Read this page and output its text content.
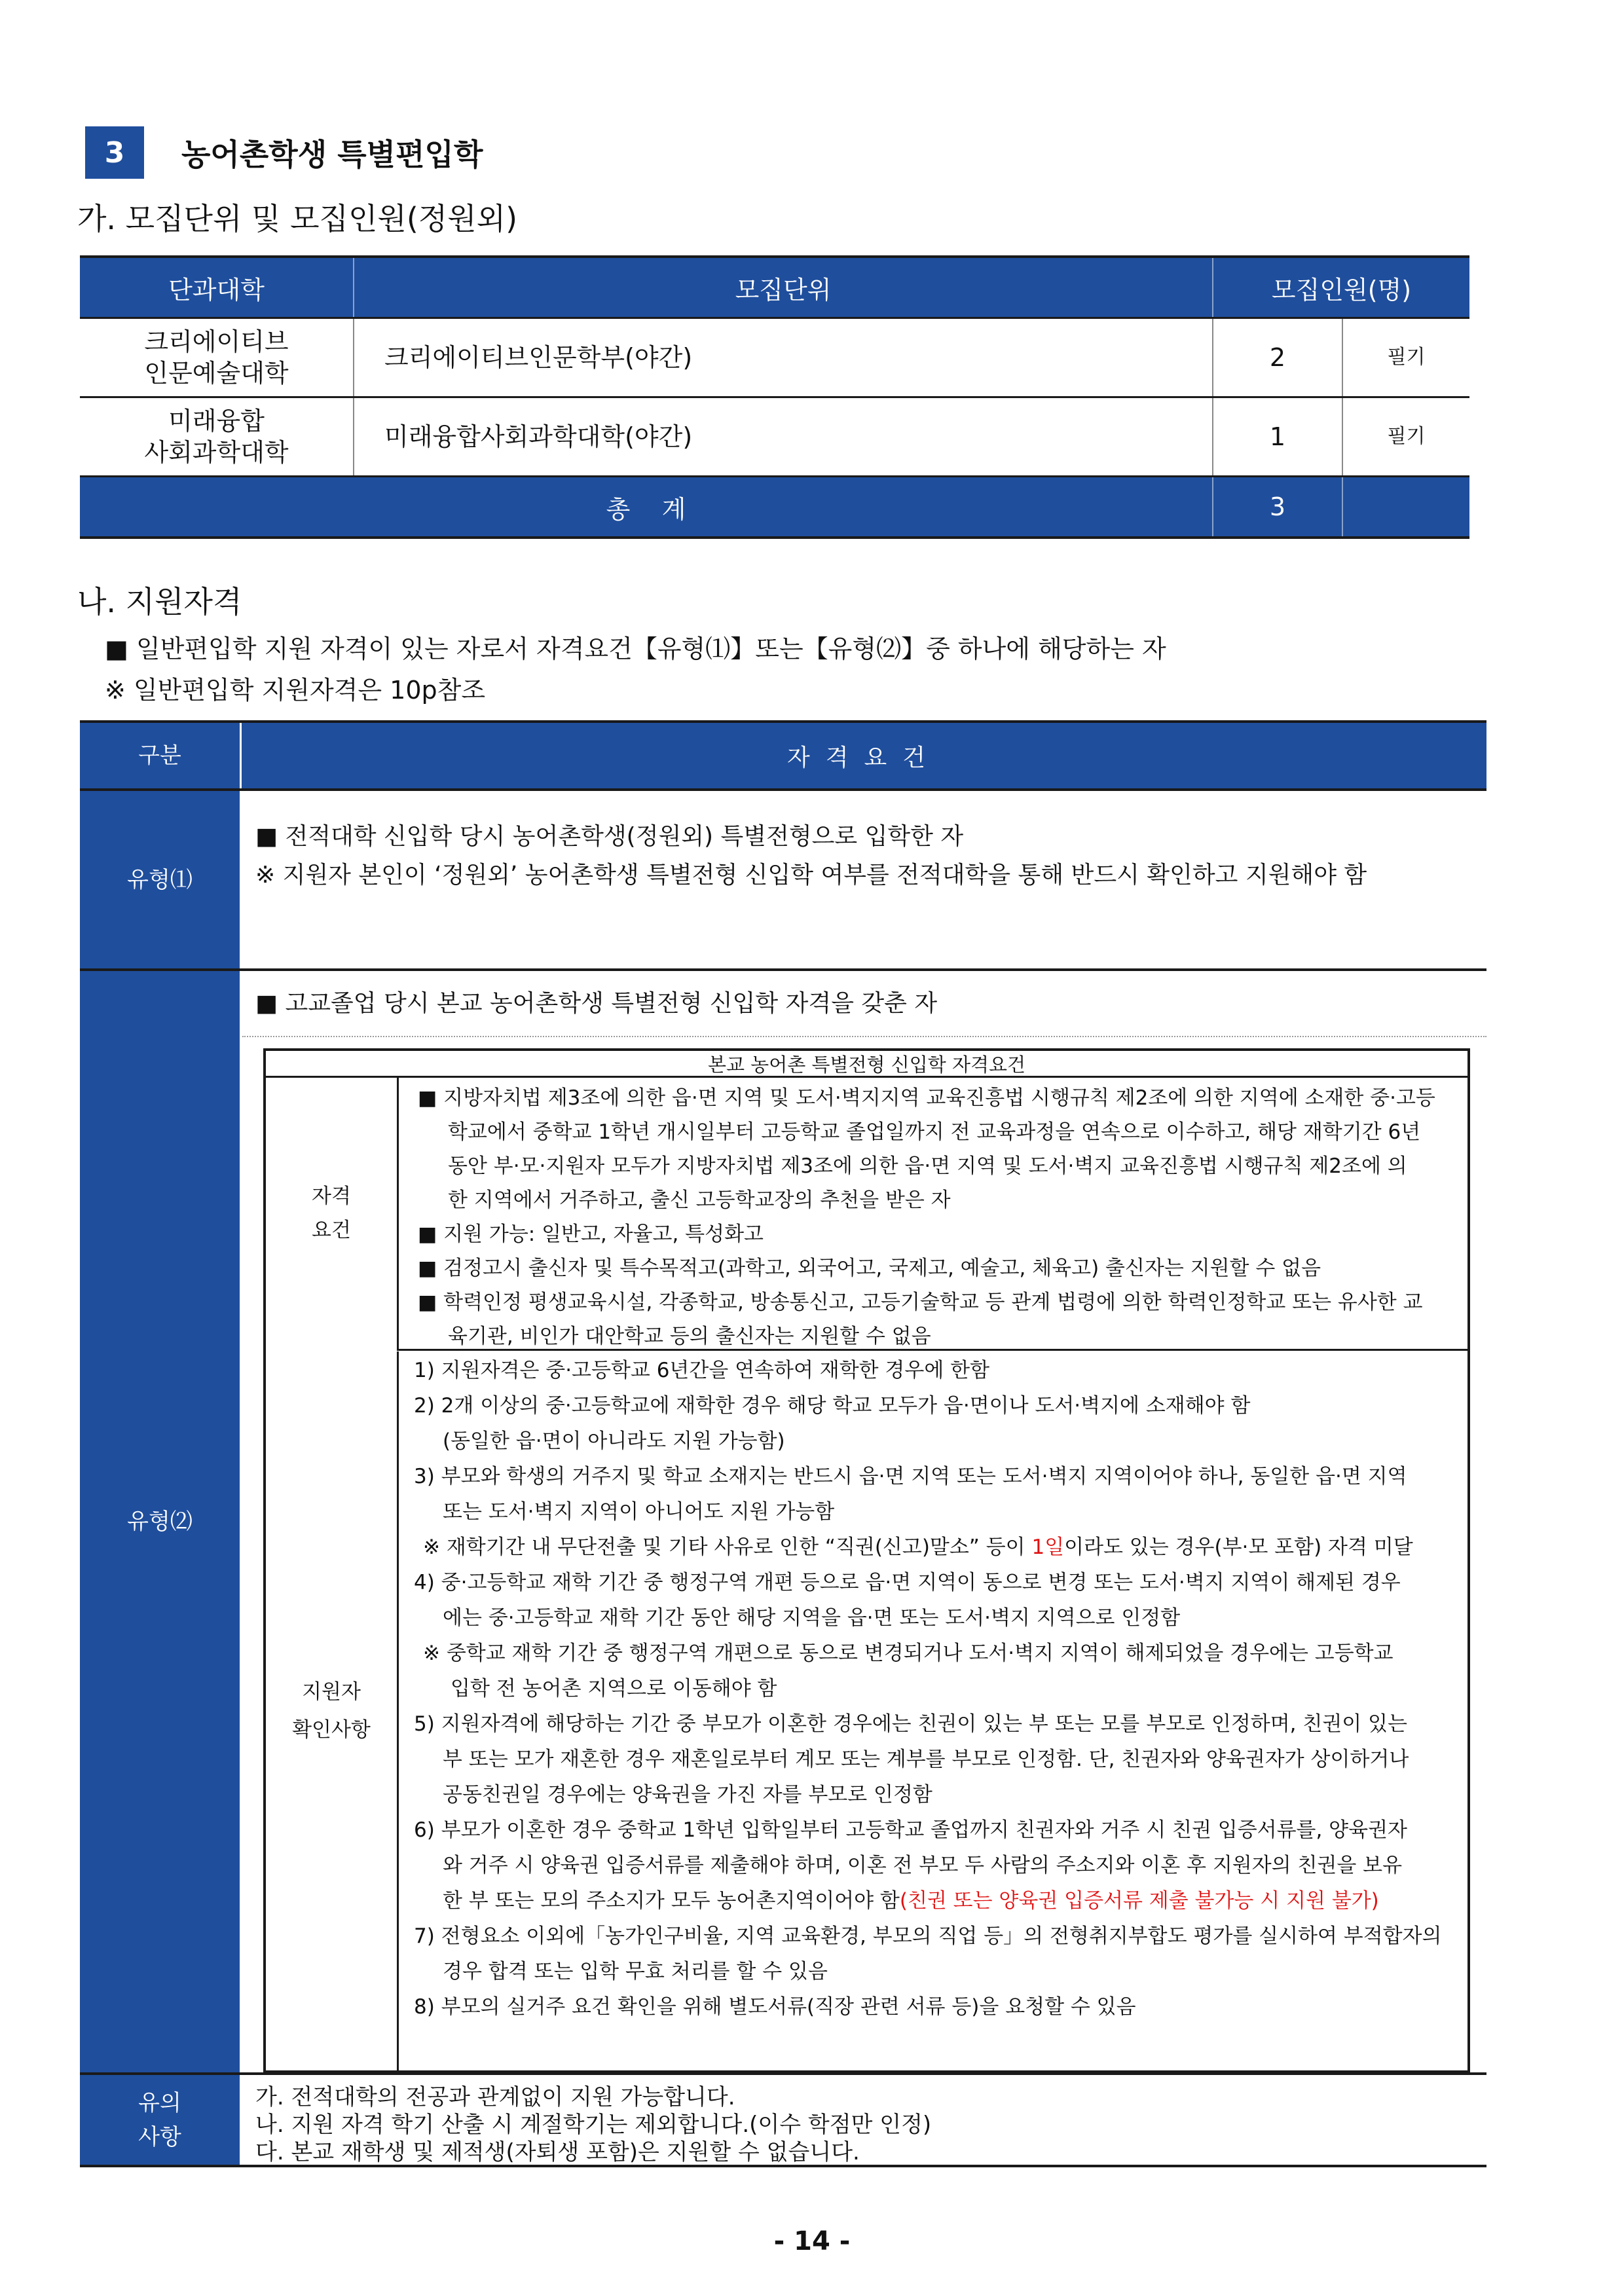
3	농어촌학생 특별편입학
가. 모집단위 및 모집인원(정원외)
단과대학	모집단위	모집인원(명)	
크리에이티브
인문예술대학	크리에이티브인문학부(야간)	2	필기
미래융합
사회과학대학	미래융합사회과학대학(야간)	1	필기
총    계		3	
나. 지원자격
■ 일반편입학 지원 자격이 있는 자로서 자격요건【유형⑴】또는【유형⑵】중 하나에 해당하는 자
※ 일반편입학 지원자격은 10p참조
구분	자격요건
유형⑴
■ 전적대학 신입학 당시 농어촌학생(정원외) 특별전형으로 입학한 자
※ 지원자 본인이 ‘정원외’ 농어촌학생 특별전형 신입학 여부를 전적대학을 통해 반드시 확인하고 지원해야 함
유형⑵
■ 고교졸업 당시 본교 농어촌학생 특별전형 신입학 자격을 갖춘 자
본교 농어촌 특별전형 신입학 자격요건
자격
요건
■ 지방자치법 제3조에 의한 읍·면 지역 및 도서·벽지지역 교육진흥법 시행규칙 제2조에 의한 지역에 소재한 중·고등
학교에서 중학교 1학년 개시일부터 고등학교 졸업일까지 전 교육과정을 연속으로 이수하고, 해당 재학기간 6년
동안 부·모·지원자 모두가 지방자치법 제3조에 의한 읍·면 지역 및 도서·벽지 교육진흥법 시행규칙 제2조에 의
한 지역에서 거주하고, 출신 고등학교장의 추천을 받은 자
■ 지원 가능: 일반고, 자율고, 특성화고
■ 검정고시 출신자 및 특수목적고(과학고, 외국어고, 국제고, 예술고, 체육고) 출신자는 지원할 수 없음
■ 학력인정 평생교육시설, 각종학교, 방송통신고, 고등기술학교 등 관계 법령에 의한 학력인정학교 또는 유사한 교
육기관, 비인가 대안학교 등의 출신자는 지원할 수 없음
지원자
확인사항
1) 지원자격은 중·고등학교 6년간을 연속하여 재학한 경우에 한함
2) 2개 이상의 중·고등학교에 재학한 경우 해당 학교 모두가 읍·면이나 도서·벽지에 소재해야 함
(동일한 읍·면이 아니라도 지원 가능함)
3) 부모와 학생의 거주지 및 학교 소재지는 반드시 읍·면 지역 또는 도서·벽지 지역이어야 하나, 동일한 읍·면 지역
또는 도서·벽지 지역이 아니어도 지원 가능함
※ 재학기간 내 무단전출 및 기타 사유로 인한 “직권(신고)말소” 등이 1일이라도 있는 경우(부·모 포함) 자격 미달
4) 중·고등학교 재학 기간 중 행정구역 개편 등으로 읍·면 지역이 동으로 변경 또는 도서·벽지 지역이 해제된 경우
에는 중·고등학교 재학 기간 동안 해당 지역을 읍·면 또는 도서·벽지 지역으로 인정함
※ 중학교 재학 기간 중 행정구역 개편으로 동으로 변경되거나 도서·벽지 지역이 해제되었을 경우에는 고등학교
입학 전 농어촌 지역으로 이동해야 함
5) 지원자격에 해당하는 기간 중 부모가 이혼한 경우에는 친권이 있는 부 또는 모를 부모로 인정하며, 친권이 있는
부 또는 모가 재혼한 경우 재혼일로부터 계모 또는 계부를 부모로 인정함. 단, 친권자와 양육권자가 상이하거나
공동친권일 경우에는 양육권을 가진 자를 부모로 인정함
6) 부모가 이혼한 경우 중학교 1학년 입학일부터 고등학교 졸업까지 친권자와 거주 시 친권 입증서류를, 양육권자
와 거주 시 양육권 입증서류를 제출해야 하며, 이혼 전 부모 두 사람의 주소지와 이혼 후 지원자의 친권을 보유
한 부 또는 모의 주소지가 모두 농어촌지역이어야 함(친권 또는 양육권 입증서류 제출 불가능 시 지원 불가)
7) 전형요소 이외에「농가인구비율, 지역 교육환경, 부모의 직업 등」의 전형취지부합도 평가를 실시하여 부적합자의
경우 합격 또는 입학 무효 처리를 할 수 있음
8) 부모의 실거주 요건 확인을 위해 별도서류(직장 관련 서류 등)을 요청할 수 있음
유의
사항
가. 전적대학의 전공과 관계없이 지원 가능합니다.
나. 지원 자격 학기 산출 시 계절학기는 제외합니다.(이수 학점만 인정)
다. 본교 재학생 및 제적생(자퇴생 포함)은 지원할 수 없습니다.
- 14 -
